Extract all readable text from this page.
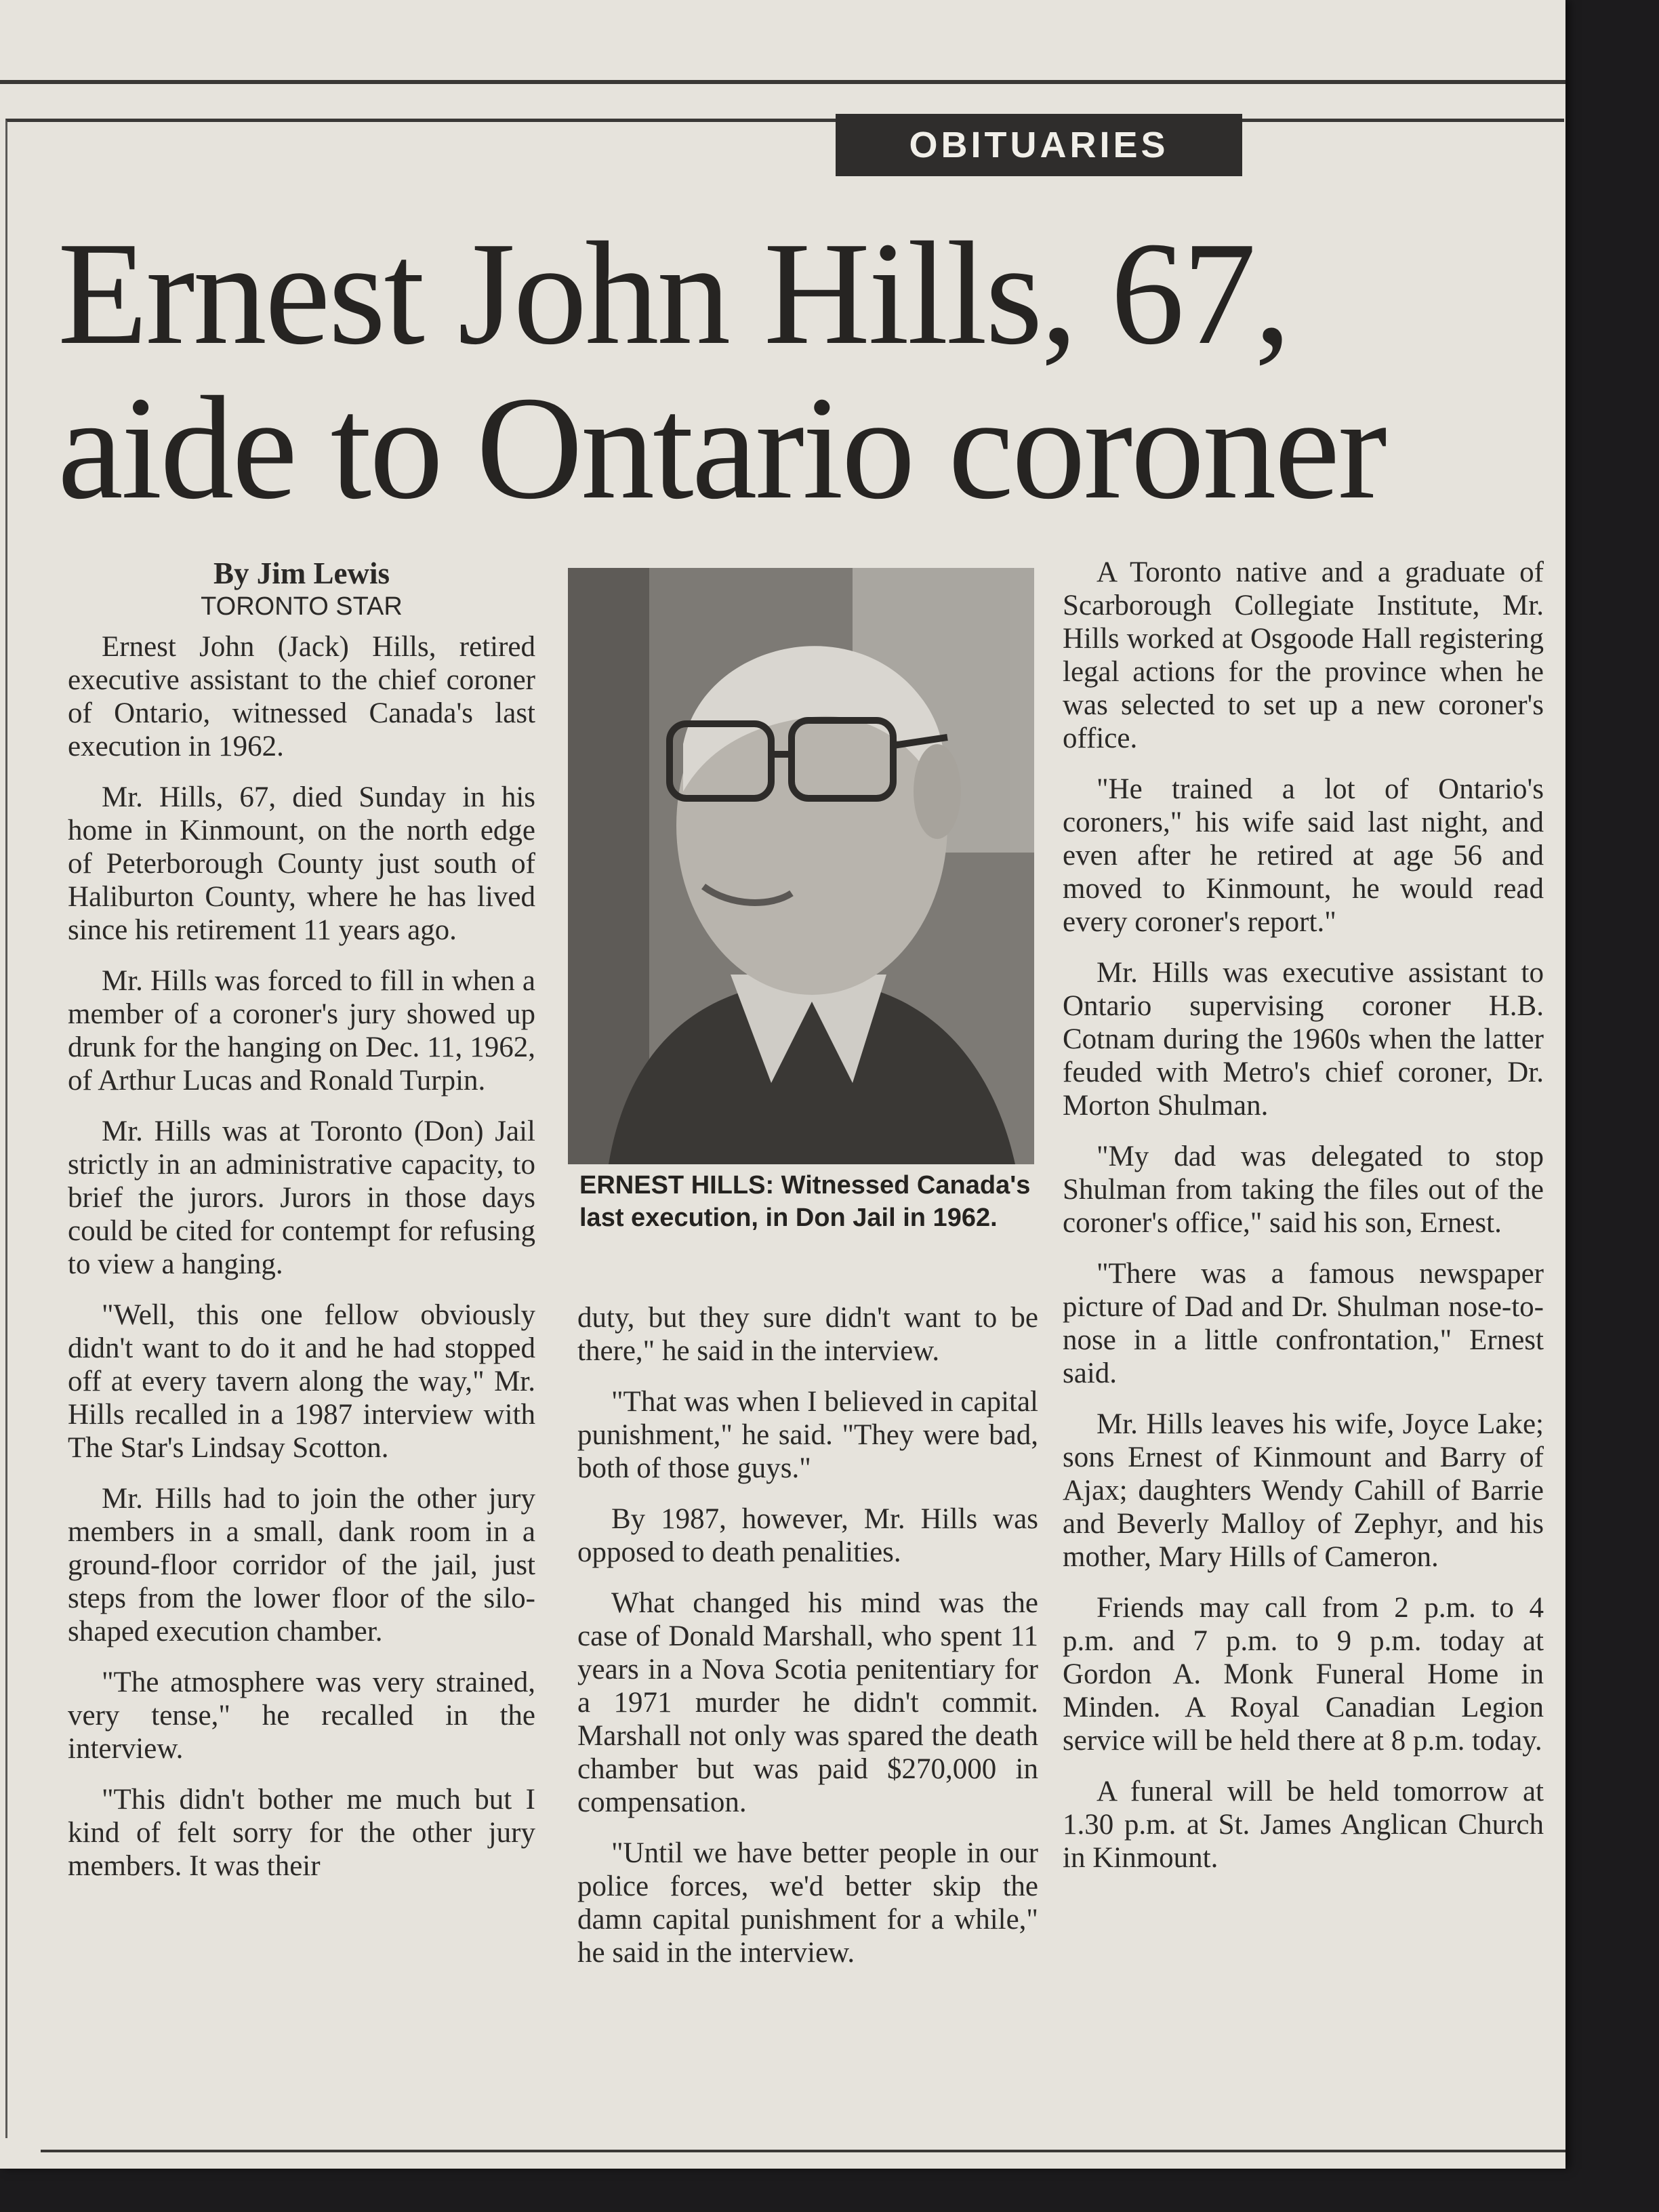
OBITUARIES
Ernest John Hills, 67,
aide to Ontario coroner
By Jim Lewis
TORONTO STAR

Ernest John (Jack) Hills, retired executive assistant to the chief coroner of Ontario, witnessed Canada's last execution in 1962.

Mr. Hills, 67, died Sunday in his home in Kinmount, on the north edge of Peterborough County just south of Haliburton County, where he has lived since his retirement 11 years ago.

Mr. Hills was forced to fill in when a member of a coroner's jury showed up drunk for the hanging on Dec. 11, 1962, of Arthur Lucas and Ronald Turpin.

Mr. Hills was at Toronto (Don) Jail strictly in an administrative capacity, to brief the jurors. Jurors in those days could be cited for contempt for refusing to view a hanging.

"Well, this one fellow obviously didn't want to do it and he had stopped off at every tavern along the way," Mr. Hills recalled in a 1987 interview with The Star's Lindsay Scotton.

Mr. Hills had to join the other jury members in a small, dank room in a ground-floor corridor of the jail, just steps from the lower floor of the silo-shaped execution chamber.

"The atmosphere was very strained, very tense," he recalled in the interview.

"This didn't bother me much but I kind of felt sorry for the other jury members. It was their

ERNEST HILLS: Witnessed Canada's last execution, in Don Jail in 1962.

duty, but they sure didn't want to be there," he said in the interview.

"That was when I believed in capital punishment," he said. "They were bad, both of those guys."

By 1987, however, Mr. Hills was opposed to death penalities.

What changed his mind was the case of Donald Marshall, who spent 11 years in a Nova Scotia penitentiary for a 1971 murder he didn't commit. Marshall not only was spared the death chamber but was paid $270,000 in compensation.

"Until we have better people in our police forces, we'd better skip the damn capital punishment for a while," he said in the interview.

A Toronto native and a graduate of Scarborough Collegiate Institute, Mr. Hills worked at Osgoode Hall registering legal actions for the province when he was selected to set up a new coroner's office.

"He trained a lot of Ontario's coroners," his wife said last night, and even after he retired at age 56 and moved to Kinmount, he would read every coroner's report."

Mr. Hills was executive assistant to Ontario supervising coroner H.B. Cotnam during the 1960s when the latter feuded with Metro's chief coroner, Dr. Morton Shulman.

"My dad was delegated to stop Shulman from taking the files out of the coroner's office," said his son, Ernest.

"There was a famous newspaper picture of Dad and Dr. Shulman nose-to-nose in a little confrontation," Ernest said.

Mr. Hills leaves his wife, Joyce Lake; sons Ernest of Kinmount and Barry of Ajax; daughters Wendy Cahill of Barrie and Beverly Malloy of Zephyr, and his mother, Mary Hills of Cameron.

Friends may call from 2 p.m. to 4 p.m. and 7 p.m. to 9 p.m. today at Gordon A. Monk Funeral Home in Minden. A Royal Canadian Legion service will be held there at 8 p.m. today.

A funeral will be held tomorrow at 1.30 p.m. at St. James Anglican Church in Kinmount.
